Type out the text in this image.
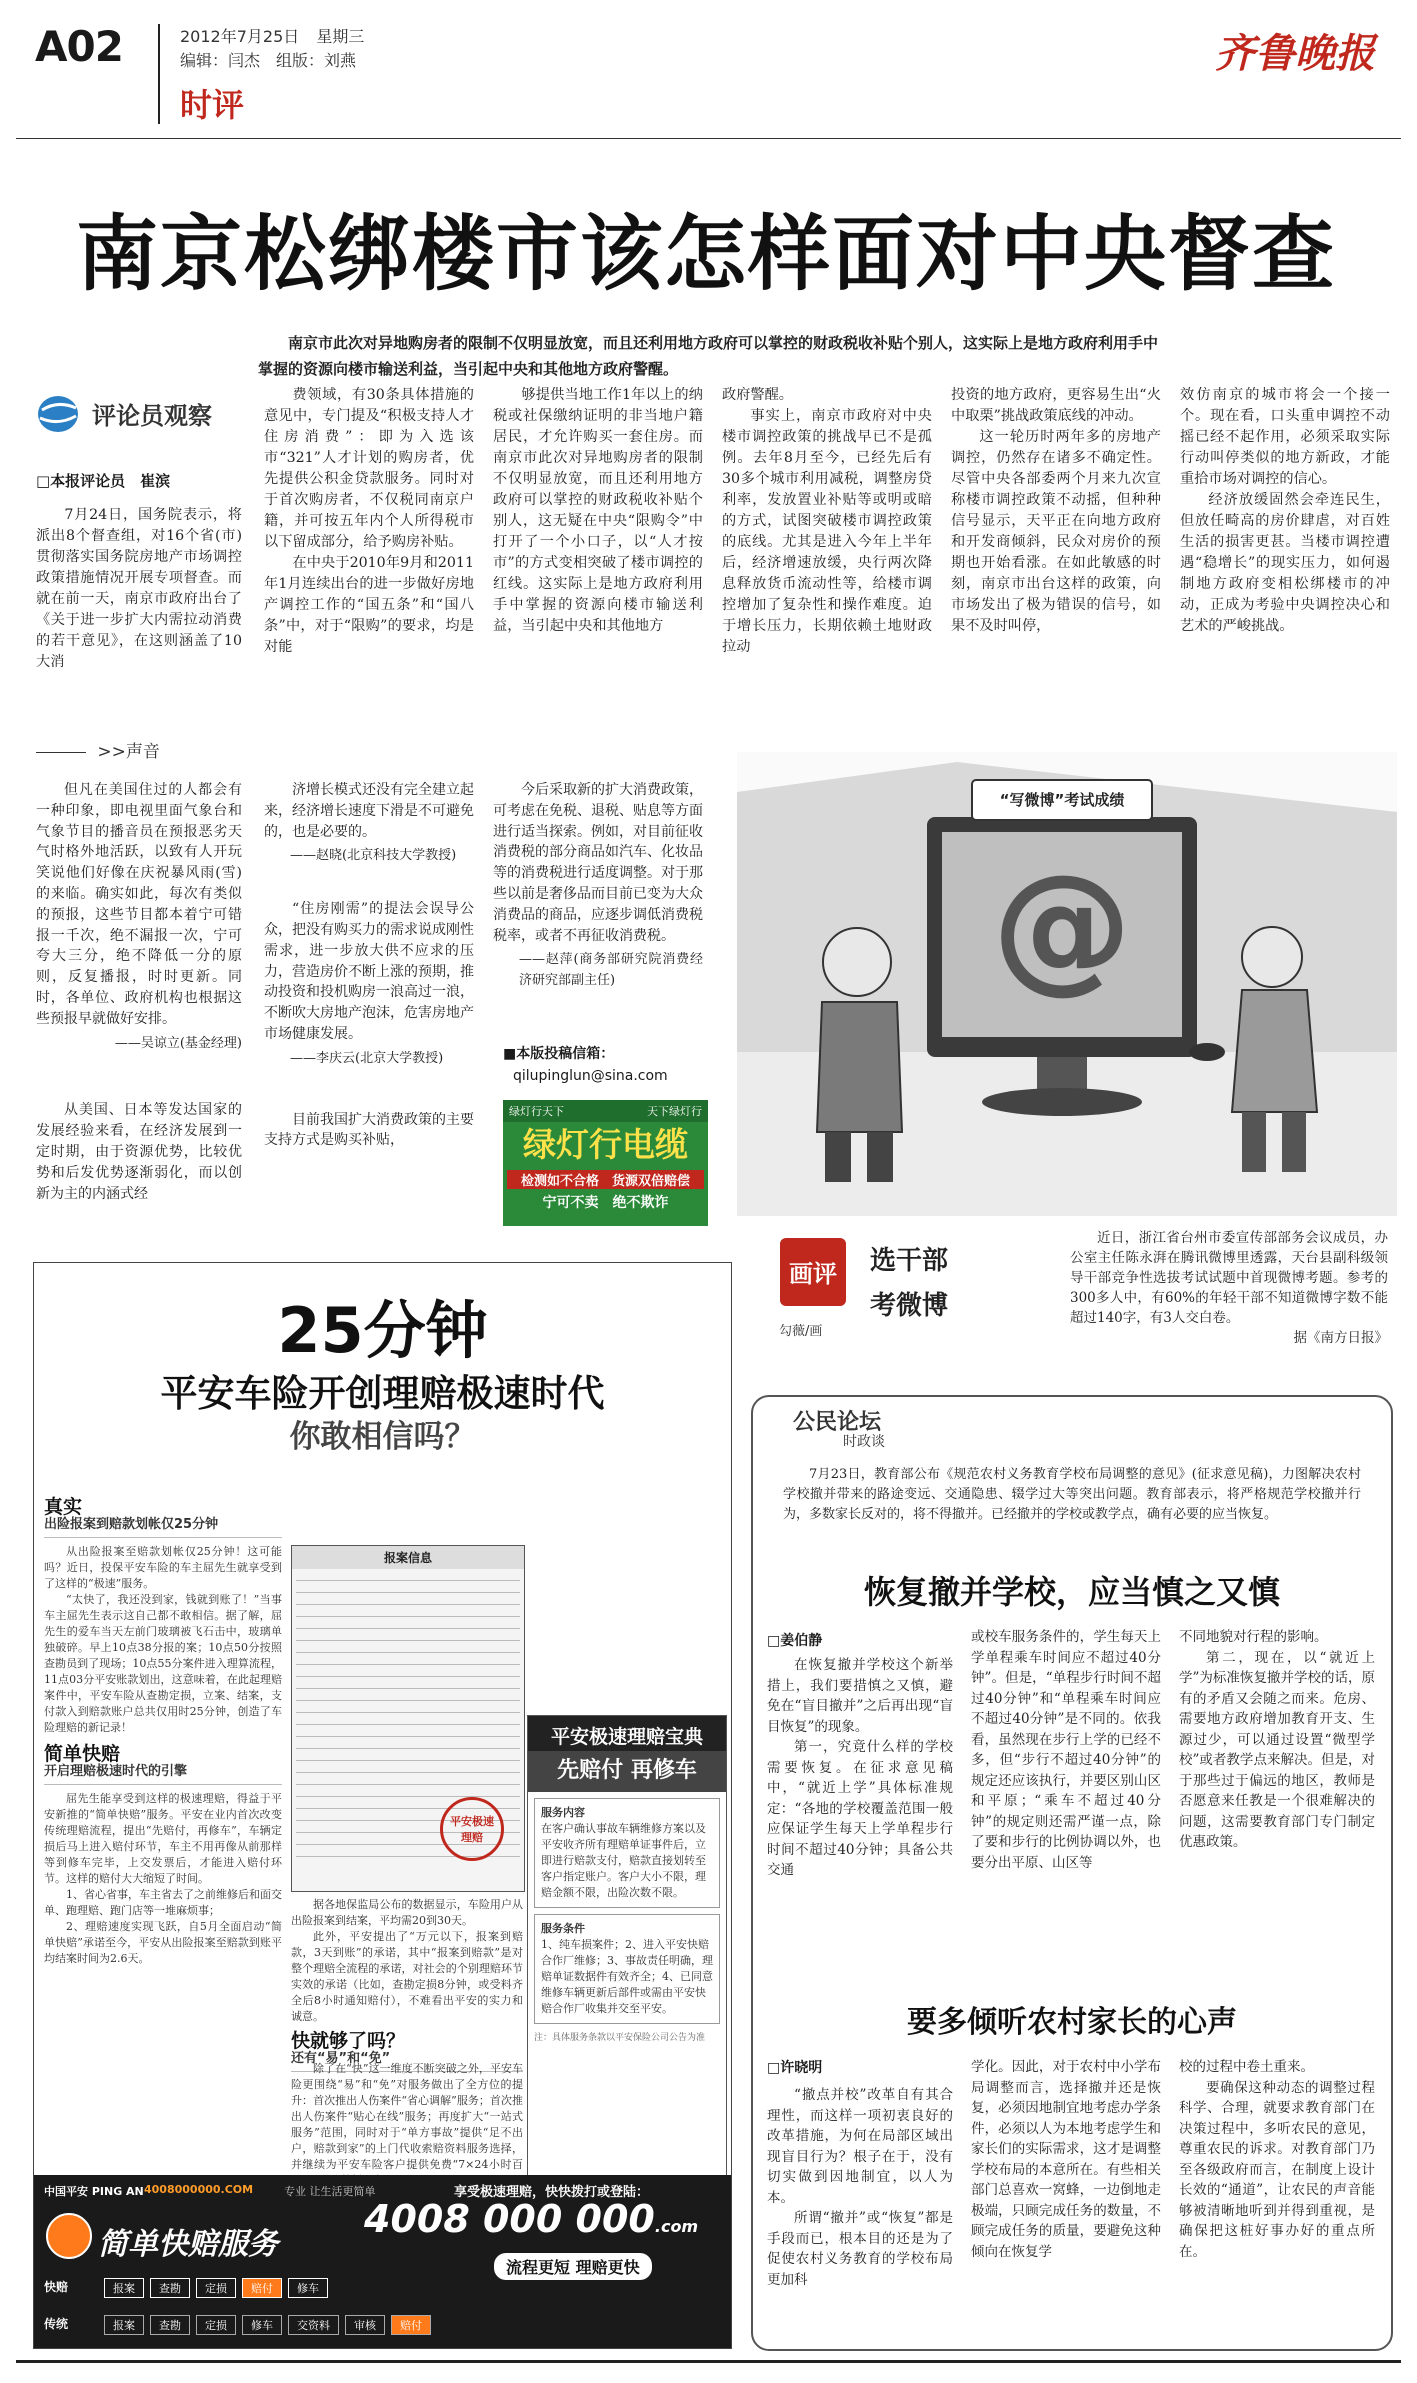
A02	2012年7月25日 星期三
编辑：闫杰　组版：刘燕
时评
齐鲁晚报
南京松绑楼市该怎样面对中央督查
南京市此次对异地购房者的限制不仅明显放宽，而且还利用地方政府可以掌控的财政税收补贴个别人，这实际上是地方政府利用手中掌握的资源向楼市输送利益，当引起中央和其他地方政府警醒。
评论员观察
□本报评论员　崔滨

7月24日，国务院表示，将派出8个督查组，对16个省(市)贯彻落实国务院房地产市场调控政策措施情况开展专项督查。而就在前一天，南京市政府出台了《关于进一步扩大内需拉动消费的若干意见》，在这则涵盖了10大消

费领域，有30条具体措施的意见中，专门提及“积极支持人才住房消费”：即为入选该市“321”人才计划的购房者，优先提供公积金贷款服务。同时对于首次购房者，不仅税同南京户籍，并可按五年内个人所得税市以下留成部分，给予购房补贴。

在中央于2010年9月和2011年1月连续出台的进一步做好房地产调控工作的“国五条”和“国八条”中，对于“限购”的要求，均是对能

够提供当地工作1年以上的纳税或社保缴纳证明的非当地户籍居民，才允许购买一套住房。而南京市此次对异地购房者的限制不仅明显放宽，而且还利用地方政府可以掌控的财政税收补贴个别人，这无疑在中央“限购令”中打开了一个小口子，以“人才按市”的方式变相突破了楼市调控的红线。这实际上是地方政府利用手中掌握的资源向楼市输送利益，当引起中央和其他地方

政府警醒。

事实上，南京市政府对中央楼市调控政策的挑战早已不是孤例。去年8月至今，已经先后有30多个城市利用减税，调整房贷利率，发放置业补贴等或明或暗的方式，试图突破楼市调控政策的底线。尤其是进入今年上半年后，经济增速放缓，央行两次降息释放货币流动性等，给楼市调控增加了复杂性和操作难度。迫于增长压力，长期依赖土地财政拉动

投资的地方政府，更容易生出“火中取栗”挑战政策底线的冲动。

这一轮历时两年多的房地产调控，仍然存在诸多不确定性。尽管中央各部委两个月来九次宣称楼市调控政策不动摇，但种种信号显示，天平正在向地方政府和开发商倾斜，民众对房价的预期也开始看涨。在如此敏感的时刻，南京市出台这样的政策，向市场发出了极为错误的信号，如果不及时叫停，

效仿南京的城市将会一个接一个。现在看，口头重申调控不动摇已经不起作用，必须采取实际行动叫停类似的地方新政，才能重拾市场对调控的信心。

经济放缓固然会牵连民生，但放任畸高的房价肆虐，对百姓生活的损害更甚。当楼市调控遭遇“稳增长”的现实压力，如何遏制地方政府变相松绑楼市的冲动，正成为考验中央调控决心和艺术的严峻挑战。

>>声音

但凡在美国住过的人都会有一种印象，即电视里面气象台和气象节目的播音员在预报恶劣天气时格外地活跃，以致有人开玩笑说他们好像在庆祝暴风雨(雪)的来临。确实如此，每次有类似的预报，这些节目都本着宁可错报一千次，绝不漏报一次，宁可夸大三分，绝不降低一分的原则，反复播报，时时更新。同时，各单位、政府机构也根据这些预报早就做好安排。

——吴谅立(基金经理)

从美国、日本等发达国家的发展经验来看，在经济发展到一定时期，由于资源优势，比较优势和后发优势逐渐弱化，而以创新为主的内涵式经

济增长模式还没有完全建立起来，经济增长速度下滑是不可避免的，也是必要的。

——赵晓(北京科技大学教授)

“住房刚需”的提法会误导公众，把没有购买力的需求说成刚性需求，进一步放大供不应求的压力，营造房价不断上涨的预期，推动投资和投机购房一浪高过一浪，不断吹大房地产泡沫，危害房地产市场健康发展。

——李庆云(北京大学教授)

目前我国扩大消费政策的主要支持方式是购买补贴，

今后采取新的扩大消费政策，可考虑在免税、退税、贴息等方面进行适当探索。例如，对目前征收消费税的部分商品如汽车、化妆品等的消费税进行适度调整。对于那些以前是奢侈品而目前已变为大众消费品的商品，应逐步调低消费税税率，或者不再征收消费税。

——赵萍(商务部研究院消费经济研究部副主任)

■本版投稿信箱：
qilupinglun@sina.com
绿灯行天下	天下绿灯行
绿灯行电缆
检测如不合格　货源双倍赔偿
宁可不卖　绝不欺诈
“写微博”考试成绩
@
画评
勾薇/画
选干部
考微博

近日，浙江省台州市委宣传部部务会议成员，办公室主任陈永湃在腾讯微博里透露，天台县副科级领导干部竞争性选拔考试试题中首现微博考题。参考的300多人中，有60%的年轻干部不知道微博字数不能超过140字，有3人交白卷。

据《南方日报》

25分钟
平安车险开创理赔极速时代
你敢相信吗？
真实
出险报案到赔款划帐仅25分钟

从出险报案至赔款划帐仅25分钟！这可能吗？近日，投保平安车险的车主屈先生就享受到了这样的“极速”服务。

“太快了，我还没到家，钱就到账了！”当事车主屈先生表示这自己都不敢相信。据了解，屈先生的爱车当天左前门玻璃被飞石击中，玻璃单独破碎。早上10点38分报的案；10点50分按照查勘员到了现场；10点55分案件进入理算流程，11点03分平安账款划出，这意味着，在此起理赔案件中，平安车险从查勘定损，立案、结案，支付款入到赔款账户总共仅用时25分钟，创造了车险理赔的新记录！

简单快赔
开启理赔极速时代的引擎

屈先生能享受到这样的极速理赔，得益于平安新推的“简单快赔”服务。平安在业内首次改变传统理赔流程，提出“先赔付，再修车”，车辆定损后马上进入赔付环节，车主不用再像从前那样等到修车完毕，上交发票后，才能进入赔付环节。这样的赔付大大缩短了时间。

1、省心省事，车主省去了之前维修后和面交单、跑理赔、跑门店等一堆麻烦事；

2、理赔速度实现飞跃，自5月全面启动“简单快赔”承诺至今，平安从出险报案至赔款到账平均结案时间为2.6天。

报案信息
平安极速
理赔

据各地保监局公布的数据显示，车险用户从出险报案到结案，平均需20到30天。

此外，平安提出了“万元以下，报案到赔款，3天到账”的承诺，其中“报案到赔款”是对整个理赔全流程的承诺，对社会的个别理赔环节实效的承诺（比如，查勘定损8分钟，或受料齐全后8小时通知赔付），不难看出平安的实力和诚意。

快就够了吗？
还有“易”和“免”

除了在“快”这一维度不断突破之外，平安车险更围绕“易”和“免”对服务做出了全方位的提升：首次推出人伤案件“省心调解”服务；首次推出人伤案件“贴心在线”服务；再度扩大“一站式服务”范围，同时对于“单方事故”提供“足不出户，赔款到家”的上门代收索赔资料服务选择，并继续为平安车险客户提供免费“7×24小时百

平安极速理赔宝典
先赔付 再修车
服务内容
在客户确认事故车辆维修方案以及平安收齐所有理赔单证事件后，立即进行赔款支付，赔款直接划转至客户指定账户。客户大小不限，理赔金额不限，出险次数不限。
服务条件
1、纯车损案件；2、进入平安快赔合作厂维修；3、事故责任明确，理赔单证数据件有效齐全；4、已同意维修车辆更新后部件或需由平安快赔合作厂收集并交至平安。
注：具体服务条款以平安保险公司公告为准
中国平安 PING AN 4008000000.COM	专业 让生活更简单	享受极速理赔，快快拨打或登陆：
4008 000 000.com
简单快赔服务
流程更短 理赔更快
快赔	报案	查勘	定损	赔付	修车
传统	报案	查勘	定损	修车	交资料	审核	赔付
公民论坛
时政谈

7月23日，教育部公布《规范农村义务教育学校布局调整的意见》(征求意见稿)，力图解决农村学校撤并带来的路途变远、交通隐患、辍学过大等突出问题。教育部表示，将严格规范学校撤并行为，多数家长反对的，将不得撤并。已经撤并的学校或教学点，确有必要的应当恢复。

恢复撤并学校，应当慎之又慎
□姜伯静

在恢复撤并学校这个新举措上，我们要措慎之又慎，避免在“盲目撤并”之后再出现“盲目恢复”的现象。

第一，究竟什么样的学校需要恢复。在征求意见稿中，“就近上学”具体标准规定：“各地的学校覆盖范围一般应保证学生每天上学单程步行时间不超过40分钟；具备公共交通

或校车服务条件的，学生每天上学单程乘车时间应不超过40分钟”。但是，“单程步行时间不超过40分钟”和“单程乘车时间应不超过40分钟”是不同的。依我看，虽然现在步行上学的已经不多，但“步行不超过40分钟”的规定还应该执行，并要区别山区和平原；“乘车不超过40分钟”的规定则还需严谨一点，除了要和步行的比例协调以外，也要分出平原、山区等

不同地貌对行程的影响。

第二，现在，以“就近上学”为标准恢复撤并学校的话，原有的矛盾又会随之而来。危房、需要地方政府增加教育开支、生源过少，可以通过设置“微型学校”或者教学点来解决。但是，对于那些过于偏远的地区，教师是否愿意来任教是一个很难解决的问题，这需要教育部门专门制定优惠政策。

要多倾听农村家长的心声
□许晓明

“撤点并校”改革自有其合理性，而这样一项初衷良好的改革措施，为何在局部区域出现盲目行为？根子在于，没有切实做到因地制宜，以人为本。

所谓“撤并”或“恢复”都是手段而已，根本目的还是为了促使农村义务教育的学校布局更加科

学化。因此，对于农村中小学布局调整而言，选择撤并还是恢复，必须因地制宜地考虑办学条件，必须以人为本地考虑学生和家长们的实际需求，这才是调整学校布局的本意所在。有些相关部门总喜欢一窝蜂，一边倒地走极端，只顾完成任务的数量，不顾完成任务的质量，要避免这种倾向在恢复学

校的过程中卷土重来。

要确保这种动态的调整过程科学、合理，就要求教育部门在决策过程中，多听农民的意见，尊重农民的诉求。对教育部门乃至各级政府而言，在制度上设计长效的“通道”，让农民的声音能够被清晰地听到并得到重视，是确保把这桩好事办好的重点所在。
